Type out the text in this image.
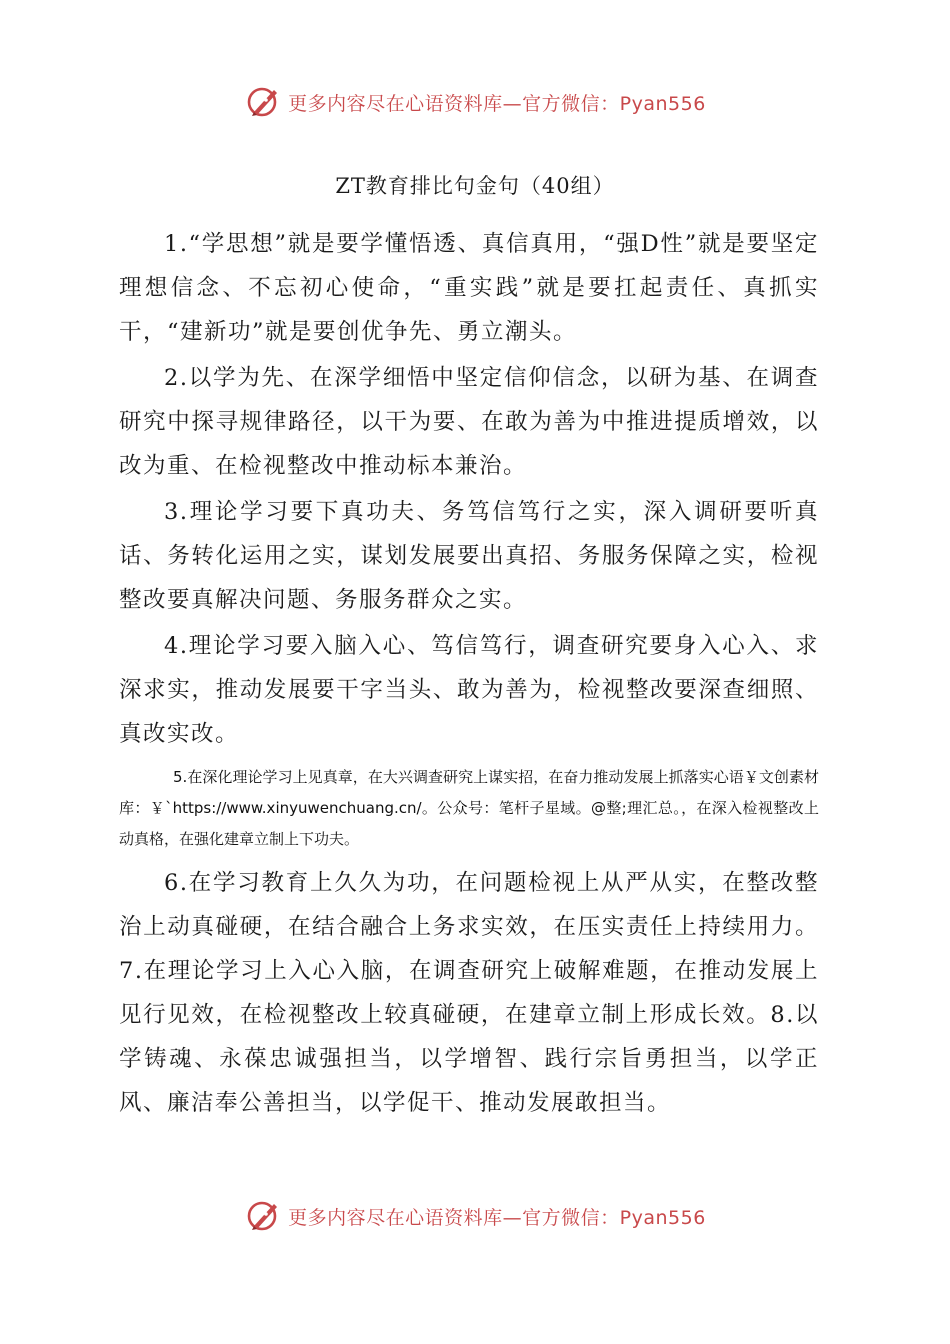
更多内容尽在心语资料库—官方微信：Pyan556
ZT教育排比句金句（40组）

1.“学思想”就是要学懂悟透、真信真用，“强D性”就是要坚定理想信念、不忘初心使命，“重实践”就是要扛起责任、真抓实干，“建新功”就是要创优争先、勇立潮头。

2.以学为先、在深学细悟中坚定信仰信念，以研为基、在调查研究中探寻规律路径，以干为要、在敢为善为中推进提质增效，以改为重、在检视整改中推动标本兼治。

3.理论学习要下真功夫、务笃信笃行之实，深入调研要听真话、务转化运用之实，谋划发展要出真招、务服务保障之实，检视整改要真解决问题、务服务群众之实。

4.理论学习要入脑入心、笃信笃行，调查研究要身入心入、求深求实，推动发展要干字当头、敢为善为，检视整改要深查细照、真改实改。

5.在深化理论学习上见真章，在大兴调查研究上谋实招，在奋力推动发展上抓落实心语￥文创素材库：￥`https://www.xinyuwenchuang.cn/。公众号：笔杆子星域。@整;理汇总。，在深入检视整改上动真格，在强化建章立制上下功夫。

6.在学习教育上久久为功，在问题检视上从严从实，在整改整治上动真碰硬，在结合融合上务求实效，在压实责任上持续用力。7.在理论学习上入心入脑，在调查研究上破解难题，在推动发展上见行见效，在检视整改上较真碰硬，在建章立制上形成长效。8.以学铸魂、永葆忠诚强担当，以学增智、践行宗旨勇担当，以学正风、廉洁奉公善担当，以学促干、推动发展敢担当。

更多内容尽在心语资料库—官方微信：Pyan556
